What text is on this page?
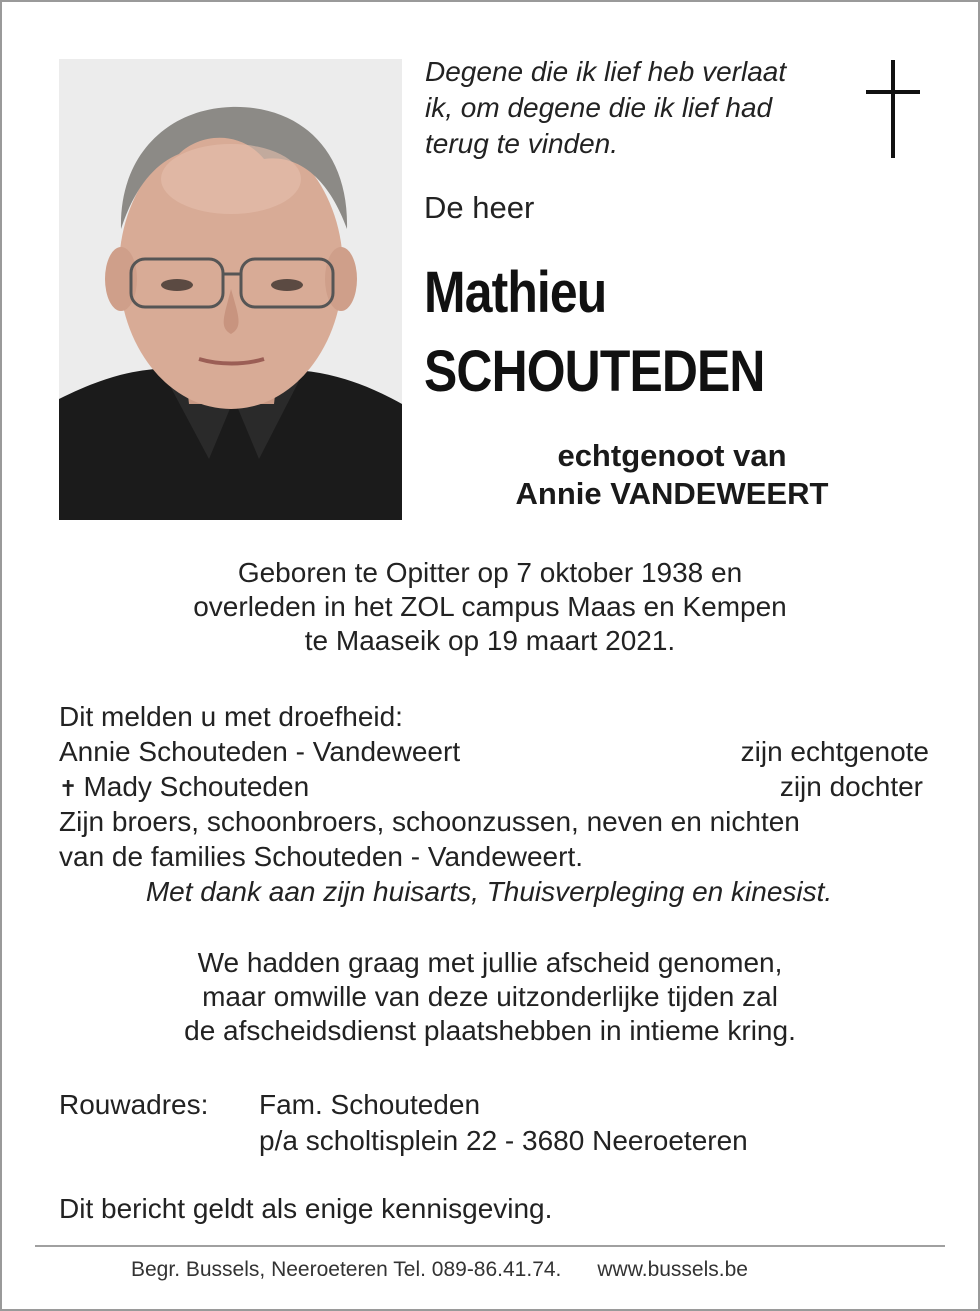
Degene die ik lief heb verlaat
ik, om degene die ik lief had
terug te vinden.
De heer
Mathieu
SCHOUTEDEN
echtgenoot van
Annie VANDEWEERT
Geboren te Opitter op 7 oktober 1938 en
overleden in het ZOL campus Maas en Kempen
te Maaseik op 19 maart 2021.
Dit melden u met droefheid:
Annie Schouteden - Vandeweert	zijn echtgenote
✝ Mady Schouteden	zijn dochter
Zijn broers, schoonbroers, schoonzussen, neven en nichten
van de families Schouteden - Vandeweert.
Met dank aan zijn huisarts, Thuisverpleging en kinesist.
We hadden graag met jullie afscheid genomen,
maar omwille van deze uitzonderlijke tijden zal
de afscheidsdienst plaatshebben in intieme kring.
Rouwadres: Fam. Schouteden
p/a scholtisplein 22 - 3680 Neeroeteren
Dit bericht geldt als enige kennisgeving.
Begr. Bussels, Neeroeteren Tel. 089-86.41.74. www.bussels.be
